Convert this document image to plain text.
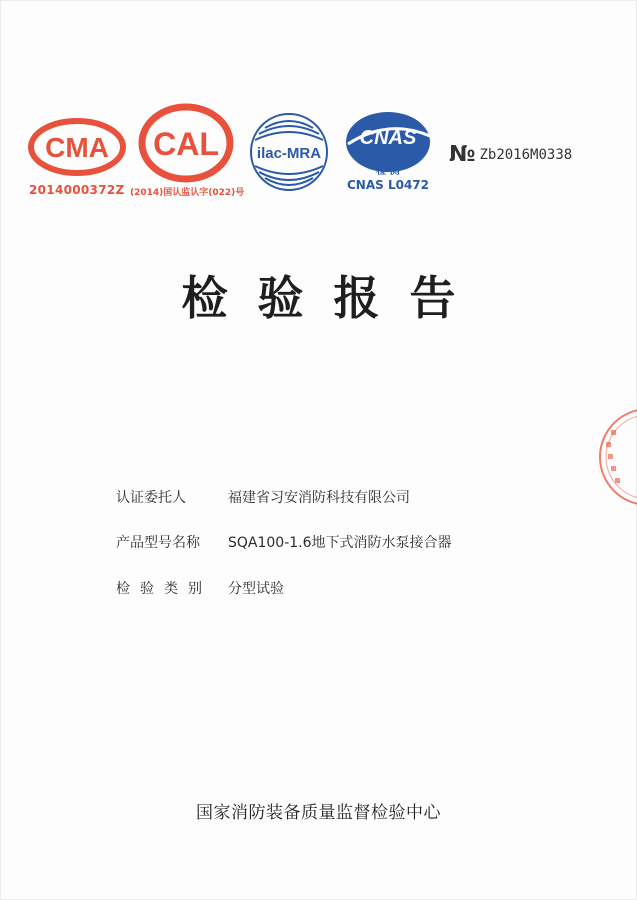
CMA
2014000372Z
CAL
(2014)国认监认字(022)号
ilac-MRA
CNAS
检 测
CNAS L0472
№ Zb2016M0338
检验报告
认证委托人	福建省习安消防科技有限公司
产品型号名称 SQA100-1.6地下式消防水泵接合器
检验类别 分型试验
国家消防装备质量监督检验中心
